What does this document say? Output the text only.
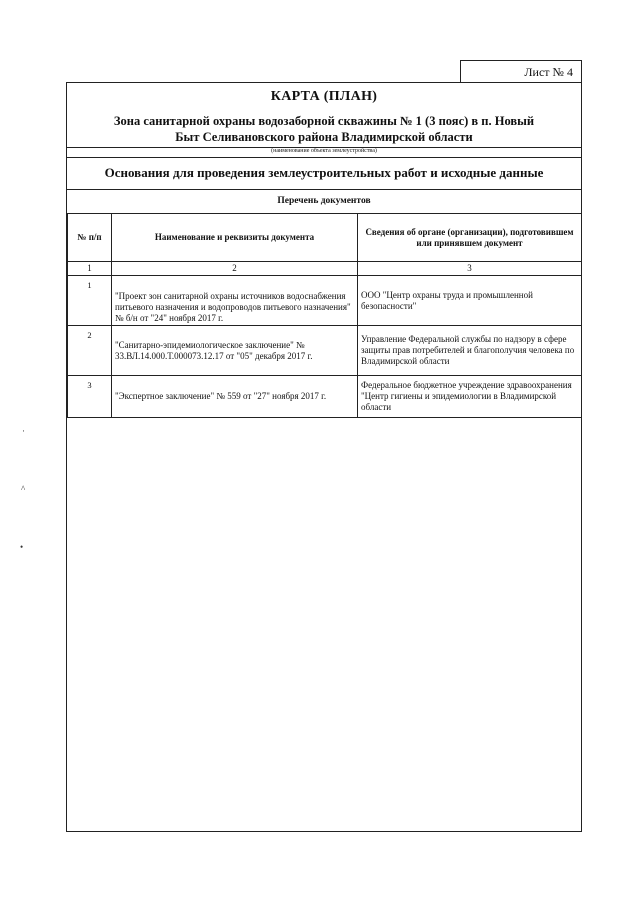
Лист № 4
КАРТА (ПЛАН)
Зона санитарной охраны водозаборной скважины № 1 (3 пояс) в п. Новый
Быт Селивановского района Владимирской области
(наименование объекта землеустройства)
Основания для проведения землеустроительных работ и исходные данные
Перечень документов
№ п/п	Наименование и реквизиты документа	Сведения об органе (организации), подготовившем или принявшем документ
1	2	3
1	"Проект зон санитарной охраны источников водоснабжения питьевого назначения и водопроводов питьевого назначения" № б/н от "24" ноября 2017 г.	ООО "Центр охраны труда и промышленной безопасности"
2	"Санитарно-эпидемиологическое заключение" № 33.ВЛ.14.000.Т.000073.12.17 от "05" декабря 2017 г.	Управление Федеральной службы по надзору в сфере защиты прав потребителей и благополучия человека по Владимирской области
3	"Экспертное заключение" № 559 от "27" ноября 2017 г.	Федеральное бюджетное учреждение здравоохранения "Центр гигиены и эпидемиологии в Владимирской области
·
^
•
